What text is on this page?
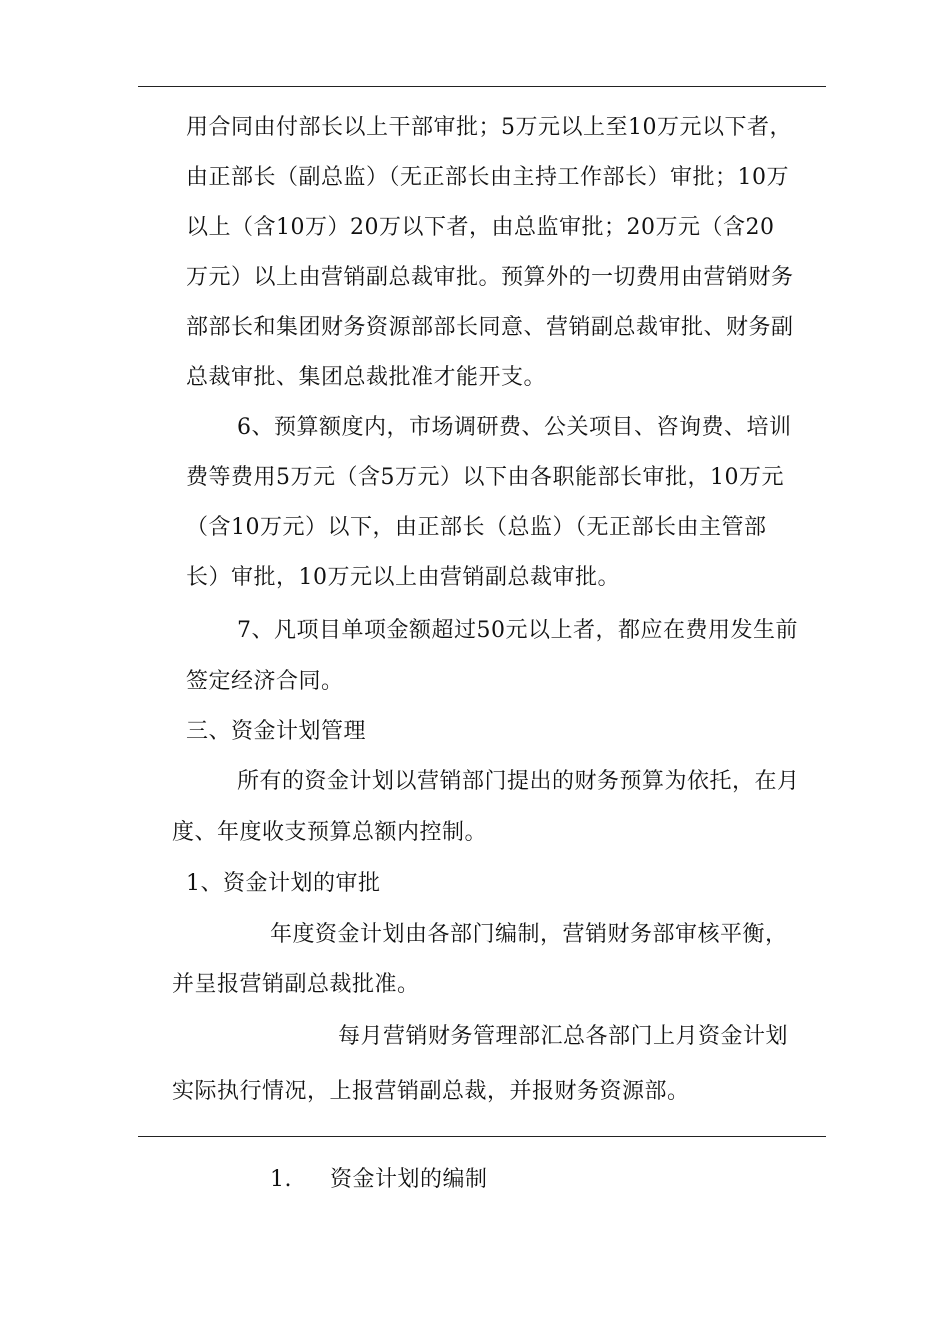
用合同由付部长以上干部审批；5万元以上至10万元以下者，
由正部长（副总监）（无正部长由主持工作部长）审批；10万
以上（含10万）20万以下者，由总监审批；20万元（含20
万元）以上由营销副总裁审批。预算外的一切费用由营销财务
部部长和集团财务资源部部长同意、营销副总裁审批、财务副
总裁审批、集团总裁批准才能开支。
6、预算额度内，市场调研费、公关项目、咨询费、培训
费等费用5万元（含5万元）以下由各职能部长审批，10万元
（含10万元）以下，由正部长（总监）（无正部长由主管部
长）审批，10万元以上由营销副总裁审批。
7、凡项目单项金额超过50元以上者，都应在费用发生前
签定经济合同。
三、资金计划管理
所有的资金计划以营销部门提出的财务预算为依托，在月
度、年度收支预算总额内控制。
1、资金计划的审批
年度资金计划由各部门编制，营销财务部审核平衡，
并呈报营销副总裁批准。
每月营销财务管理部汇总各部门上月资金计划
实际执行情况，上报营销副总裁，并报财务资源部。
1. 资金计划的编制
